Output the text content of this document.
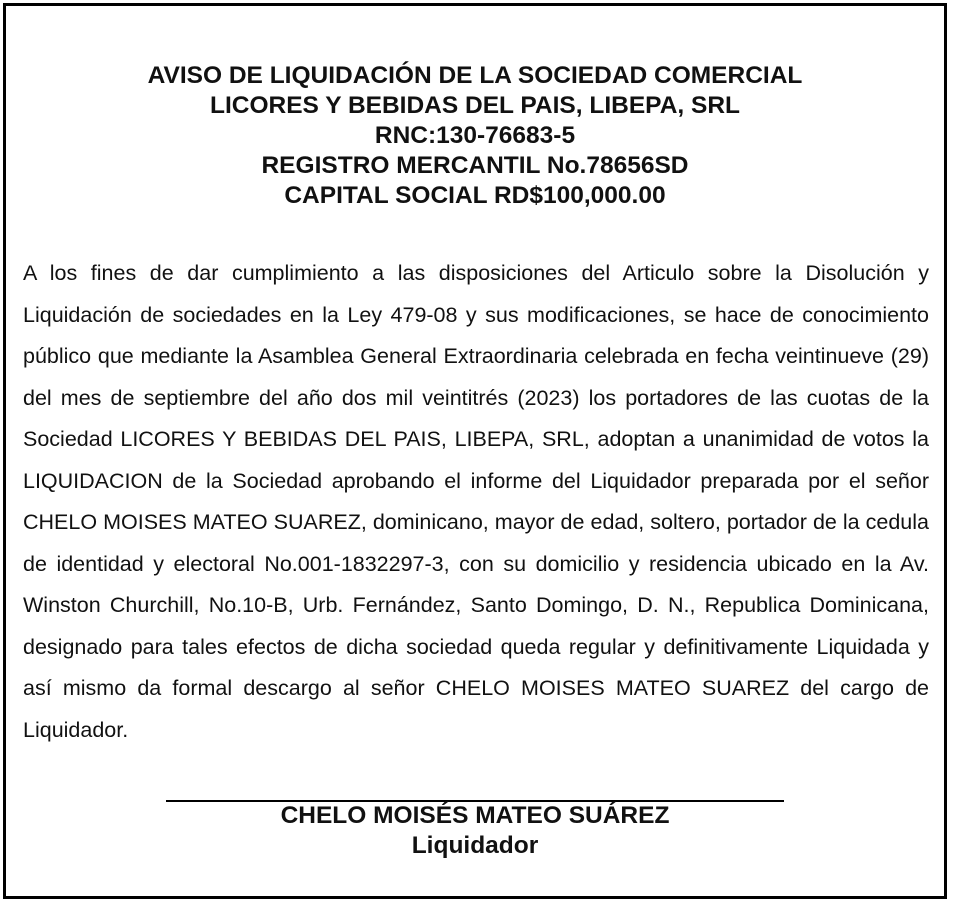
AVISO DE LIQUIDACIÓN DE LA SOCIEDAD COMERCIAL
LICORES Y BEBIDAS DEL PAIS, LIBEPA, SRL
RNC:130-76683-5
REGISTRO MERCANTIL No.78656SD
CAPITAL SOCIAL RD$100,000.00

A los fines de dar cumplimiento a las disposiciones del Articulo sobre la Disolución y Liquidación de sociedades en la Ley 479-08 y sus modificaciones, se hace de conocimiento público que mediante la Asamblea General Extraordinaria celebrada en fecha veintinueve (29) del mes de septiembre del año dos mil veintitrés (2023) los portadores de las cuotas de la Sociedad LICORES Y BEBIDAS DEL PAIS, LIBEPA, SRL, adoptan a unanimidad de votos la LIQUIDACION de la Sociedad aprobando el informe del Liquidador preparada por el señor CHELO MOISES MATEO SUAREZ, dominicano, mayor de edad, soltero, portador de la cedula de identidad y electoral No.001-1832297-3, con su domicilio y residencia ubicado en la Av. Winston Churchill, No.10-B, Urb. Fernández, Santo Domingo, D. N., Republica Dominicana, designado para tales efectos de dicha sociedad queda regular y definitivamente Liquidada y así mismo da formal descargo al señor CHELO MOISES MATEO SUAREZ del cargo de Liquidador.

CHELO MOISÉS MATEO SUÁREZ
Liquidador
